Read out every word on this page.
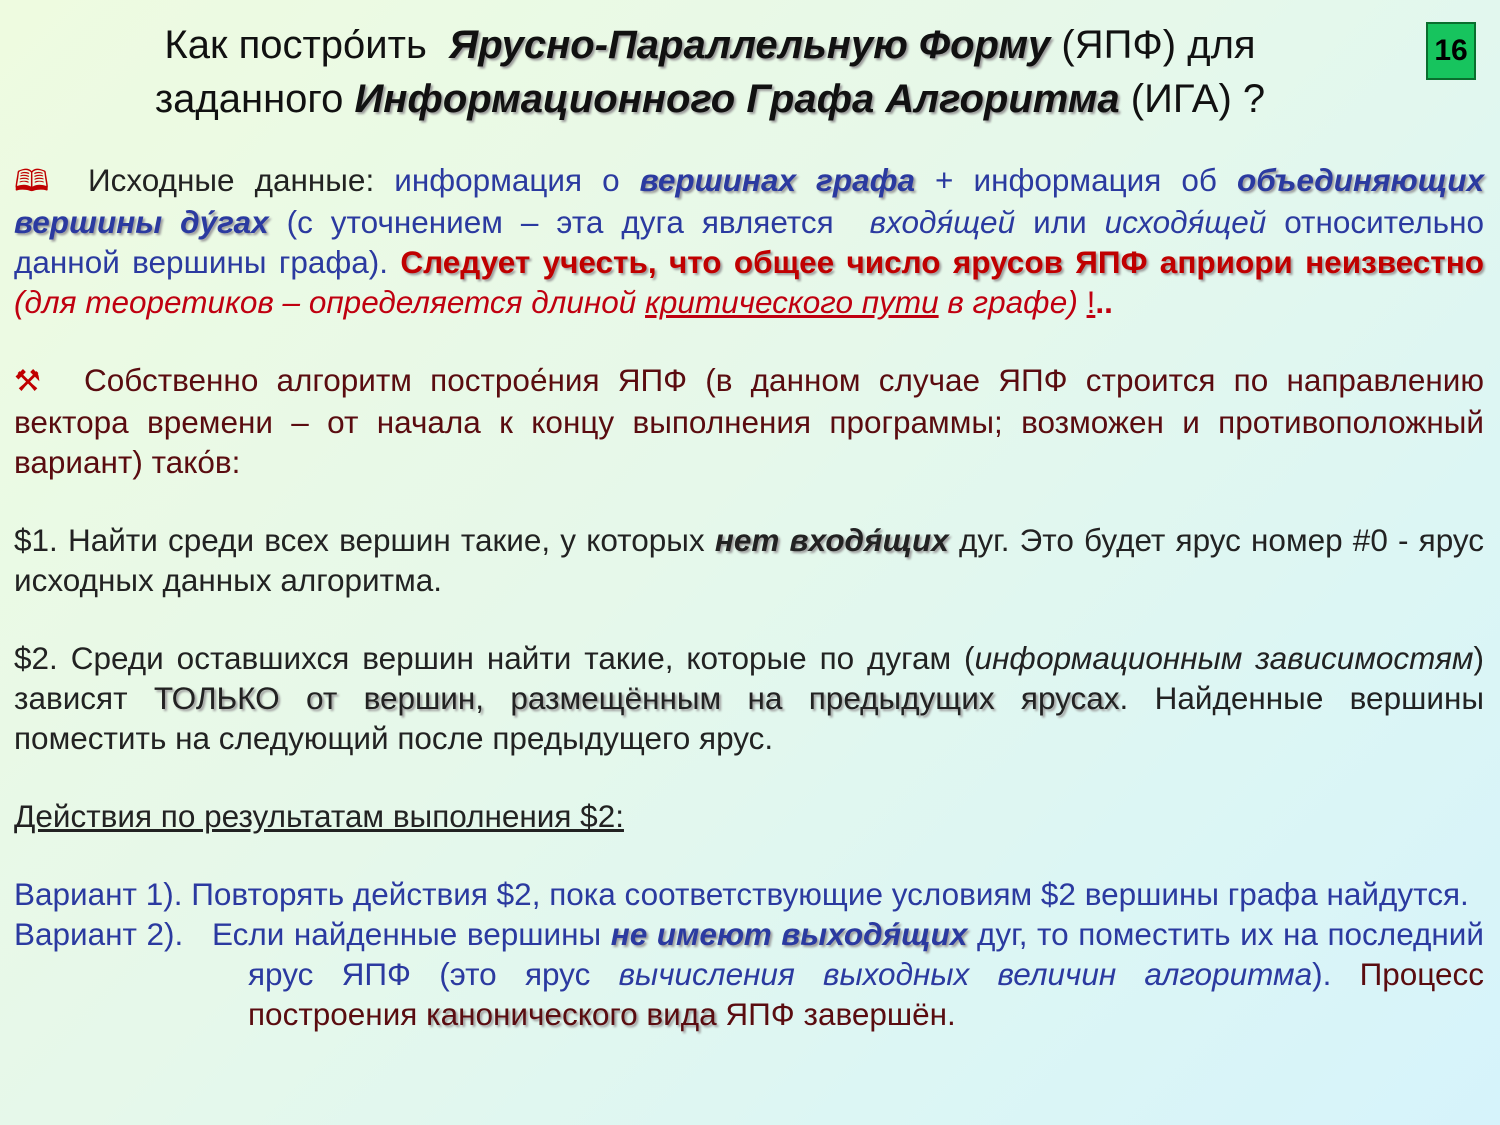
Как постро́ить  Ярусно-Параллельную Форму (ЯПФ) для
заданного Информационного Графа Алгоритма (ИГА) ?
16

🕮 Исходные данные: информация о вершинах графа + информация об объединяющих вершины ду́гах (с уточнением – эта дуга является  входя́щей или исходя́щей относительно данной вершины графа). Следует учесть, что общее число ярусов ЯПФ априори неизвестно (для теоретиков – определяется длиной критического пути в графе) !..

⚒ Собственно алгоритм построе́ния ЯПФ (в данном случае ЯПФ строится по направлению вектора времени – от начала к концу выполнения программы; возможен и противоположный вариант) тако́в:

$1. Найти среди всех вершин такие, у которых нет входя́щих дуг. Это будет ярус номер #0 - ярус исходных данных алгоритма.

$2. Среди оставшихся вершин найти такие, которые по дугам (информационным зависимостям) зависят ТОЛЬКО от вершин, размещённым на предыдущих ярусах. Найденные вершины поместить на следующий после предыдущего ярус.

Действия по результатам выполнения $2:

Вариант 1). Повторять действия $2, пока соответствующие условиям $2 вершины графа найдутся.

Вариант 2).   Если найденные вершины не имеют выходя́щих дуг, то поместить их на последний ярус ЯПФ (это ярус вычисления выходных величин алгоритма). Процесс построения канонического вида ЯПФ завершён.
